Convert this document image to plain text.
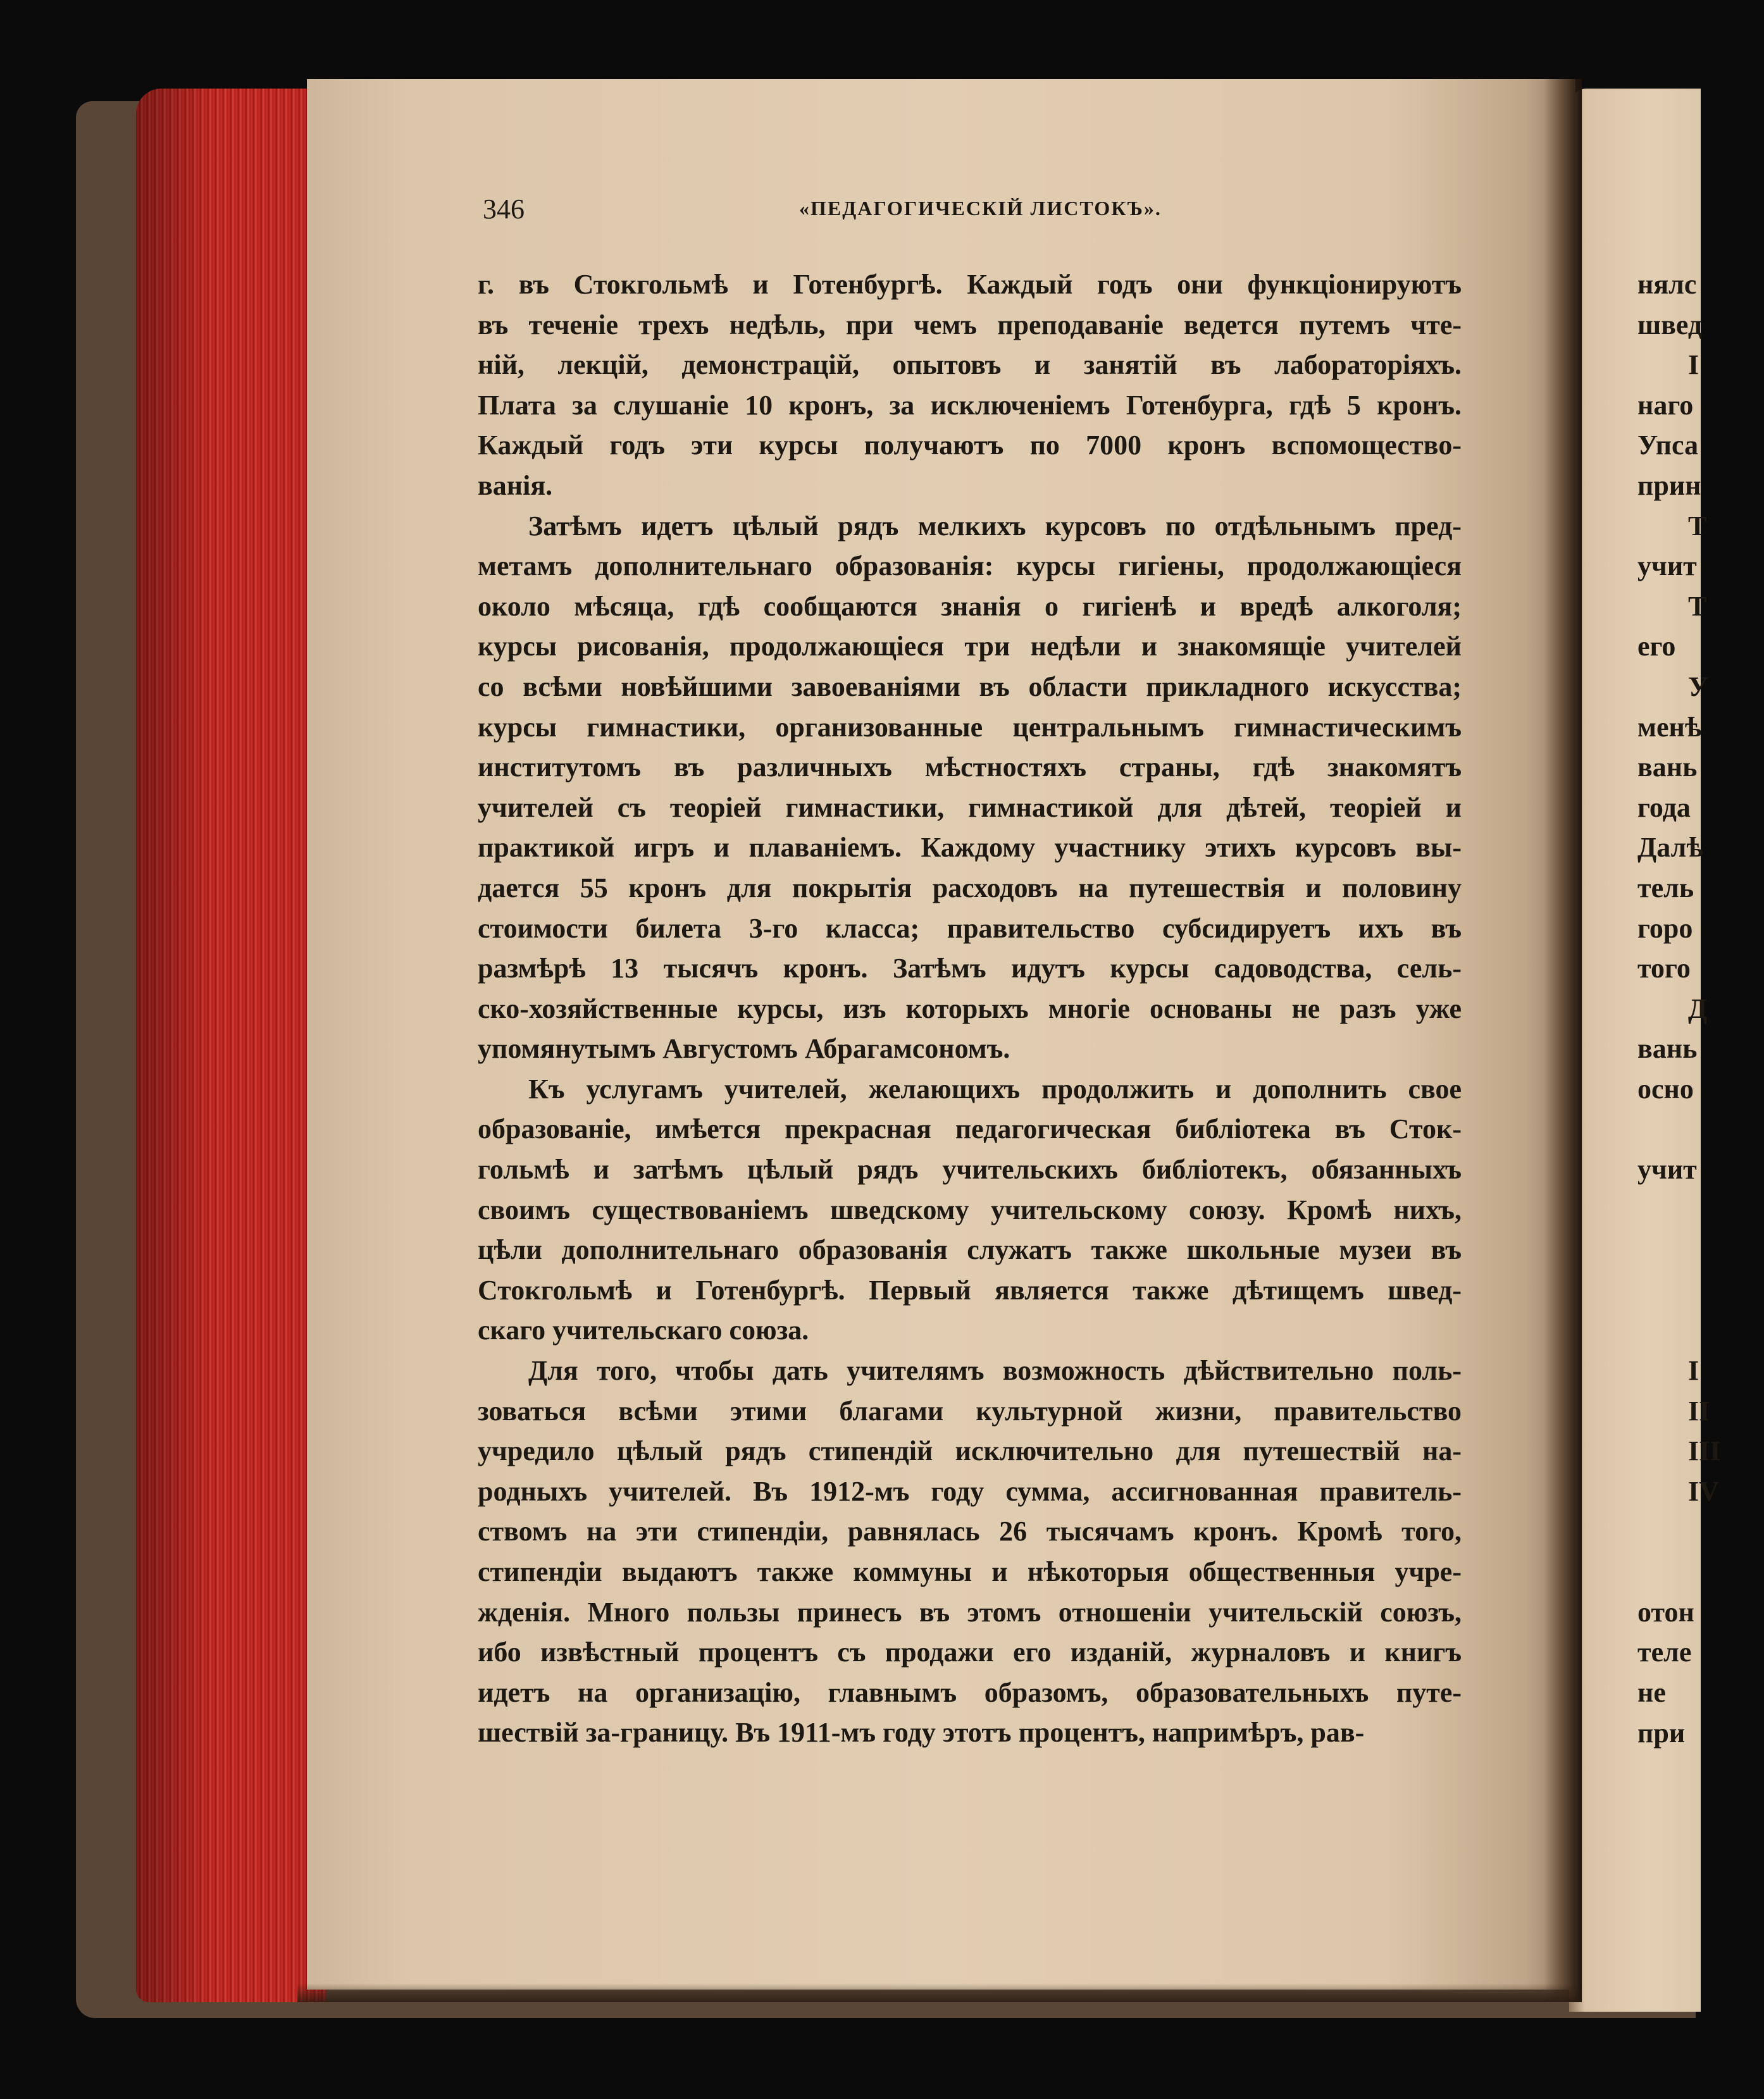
346	«ПЕДАГОГИЧЕСКІЙ ЛИСТОКЪ».
г. въ Стокгольмѣ и Готенбургѣ. Каждый годъ они функціонируютъ
въ теченіе трехъ недѣль, при чемъ преподаваніе ведется путемъ чте-
ній, лекцій, демонстрацій, опытовъ и занятій въ лабораторіяхъ.
Плата за слушаніе 10 кронъ, за исключеніемъ Готенбурга, гдѣ 5 кронъ.
Каждый годъ эти курсы получаютъ по 7000 кронъ вспомоществo-
ванія.
Затѣмъ идетъ цѣлый рядъ мелкихъ курсовъ по отдѣльнымъ пред-
метамъ дополнительнаго образованія: курсы гигіены, продолжающіеся
около мѣсяца, гдѣ сообщаются знанія о гигіенѣ и вредѣ алкоголя;
курсы рисованія, продолжающіеся три недѣли и знакомящіе учителей
со всѣми новѣйшими завоеваніями въ области прикладного искусства;
курсы гимнастики, организованные центральнымъ гимнастическимъ
институтомъ въ различныхъ мѣстностяхъ страны, гдѣ знакомятъ
учителей съ теоріей гимнастики, гимнастикой для дѣтей, теоріей и
практикой игръ и плаваніемъ. Каждому участнику этихъ курсовъ вы-
дается 55 кронъ для покрытія расходовъ на путешествія и половину
стоимости билета 3-го класса; правительство субсидируетъ ихъ въ
размѣрѣ 13 тысячъ кронъ. Затѣмъ идутъ курсы садоводства, сель-
ско-хозяйственные курсы, изъ которыхъ многіе основаны не разъ уже
упомянутымъ Августомъ Абрагамсономъ.
Къ услугамъ учителей, желающихъ продолжить и дополнить свое
образованіе, имѣется прекрасная педагогическая библіотека въ Сток-
гольмѣ и затѣмъ цѣлый рядъ учительскихъ библіотекъ, обязанныхъ
своимъ существованіемъ шведскому учительскому союзу. Кромѣ нихъ,
цѣли дополнительнаго образованія служатъ также школьные музеи въ
Стокгольмѣ и Готенбургѣ. Первый является также дѣтищемъ швед-
скаго учительскаго союза.
Для того, чтобы дать учителямъ возможность дѣйствительно поль-
зоваться всѣми этими благами культурной жизни, правительство
учредило цѣлый рядъ стипендій исключительно для путешествій на-
родныхъ учителей. Въ 1912-мъ году сумма, ассигнованная правитель-
ствомъ на эти стипендіи, равнялась 26 тысячамъ кронъ. Кромѣ того,
стипендіи выдаютъ также коммуны и нѣкоторыя общественныя учре-
жденія. Много пользы принесъ въ этомъ отношеніи учительскій союзъ,
ибо извѣстный процентъ съ продажи его изданій, журналовъ и книгъ
идетъ на организацію, главнымъ образомъ, образовательныхъ путе-
шествій за-границу. Въ 1911-мъ году этотъ процентъ, напримѣръ, рав-
нялс
швед
I
наго
Упса
прин
Т
учит
Т
его
У
менѣ
вань
года
Далѣ
тель
горо
того
Д
вань
осно
учит
I
II
III
IV
отон
теле
не
при
